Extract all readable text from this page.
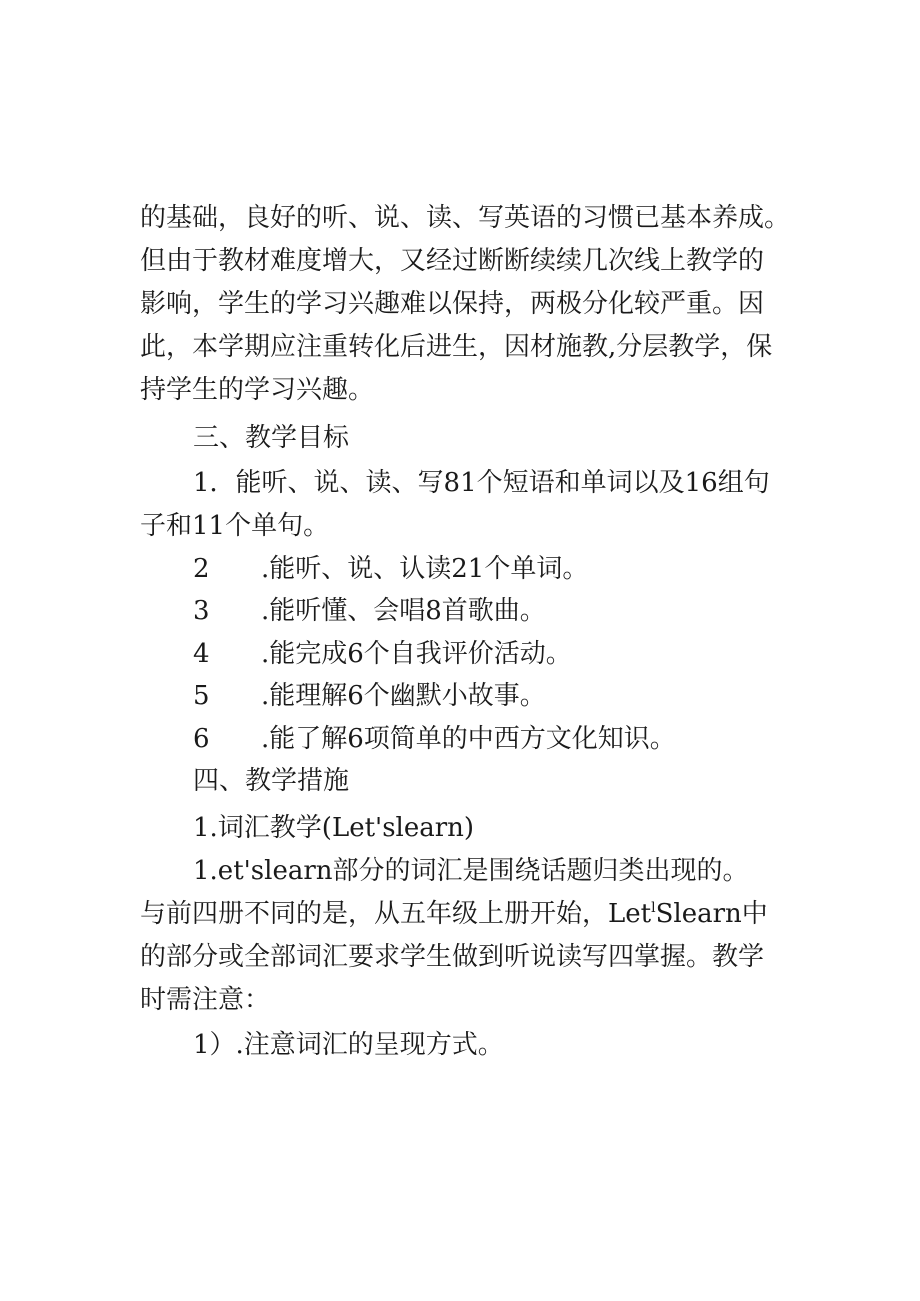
的基础，良好的听、说、读、写英语的习惯已基本养成。
但由于教材难度增大，又经过断断续续几次线上教学的
影响，学生的学习兴趣难以保持，两极分化较严重。因
此，本学期应注重转化后进生，因材施教,分层教学，保
持学生的学习兴趣。
三、教学目标
1．能听、说、读、写81个短语和单词以及16组句
子和11个单句。
2 .能听、说、认读21个单词。
3 .能听懂、会唱8首歌曲。
4 .能完成6个自我评价活动。
5 .能理解6个幽默小故事。
6 .能了解6项简单的中西方文化知识。
四、教学措施
1.词汇教学(Let'slearn)
1.et'slearn部分的词汇是围绕话题归类出现的。
与前四册不同的是，从五年级上册开始，Let$^l$Slearn中
的部分或全部词汇要求学生做到听说读写四掌握。教学
时需注意：
1）.注意词汇的呈现方式。
